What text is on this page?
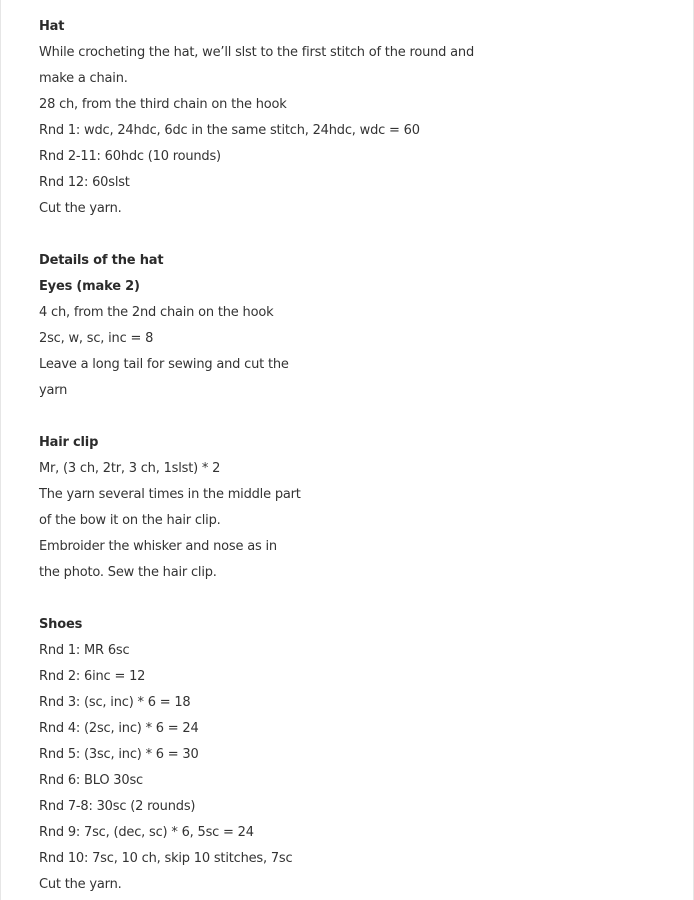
Hat
While crocheting the hat, we’ll slst to the first stitch of the round and
make a chain.
28 ch, from the third chain on the hook
Rnd 1: wdc, 24hdc, 6dc in the same stitch, 24hdc, wdc = 60
Rnd 2-11: 60hdc (10 rounds)
Rnd 12: 60slst
Cut the yarn.
Details of the hat
Eyes (make 2)
4 ch, from the 2nd chain on the hook
2sc, w, sc, inc = 8
Leave a long tail for sewing and cut the
yarn
Hair clip
Mr, (3 ch, 2tr, 3 ch, 1slst) * 2
The yarn several times in the middle part
of the bow it on the hair clip.
Embroider the whisker and nose as in
the photo. Sew the hair clip.
Shoes
Rnd 1: MR 6sc
Rnd 2: 6inc = 12
Rnd 3: (sc, inc) * 6 = 18
Rnd 4: (2sc, inc) * 6 = 24
Rnd 5: (3sc, inc) * 6 = 30
Rnd 6: BLO 30sc
Rnd 7-8: 30sc (2 rounds)
Rnd 9: 7sc, (dec, sc) * 6, 5sc = 24
Rnd 10: 7sc, 10 ch, skip 10 stitches, 7sc
Cut the yarn.
